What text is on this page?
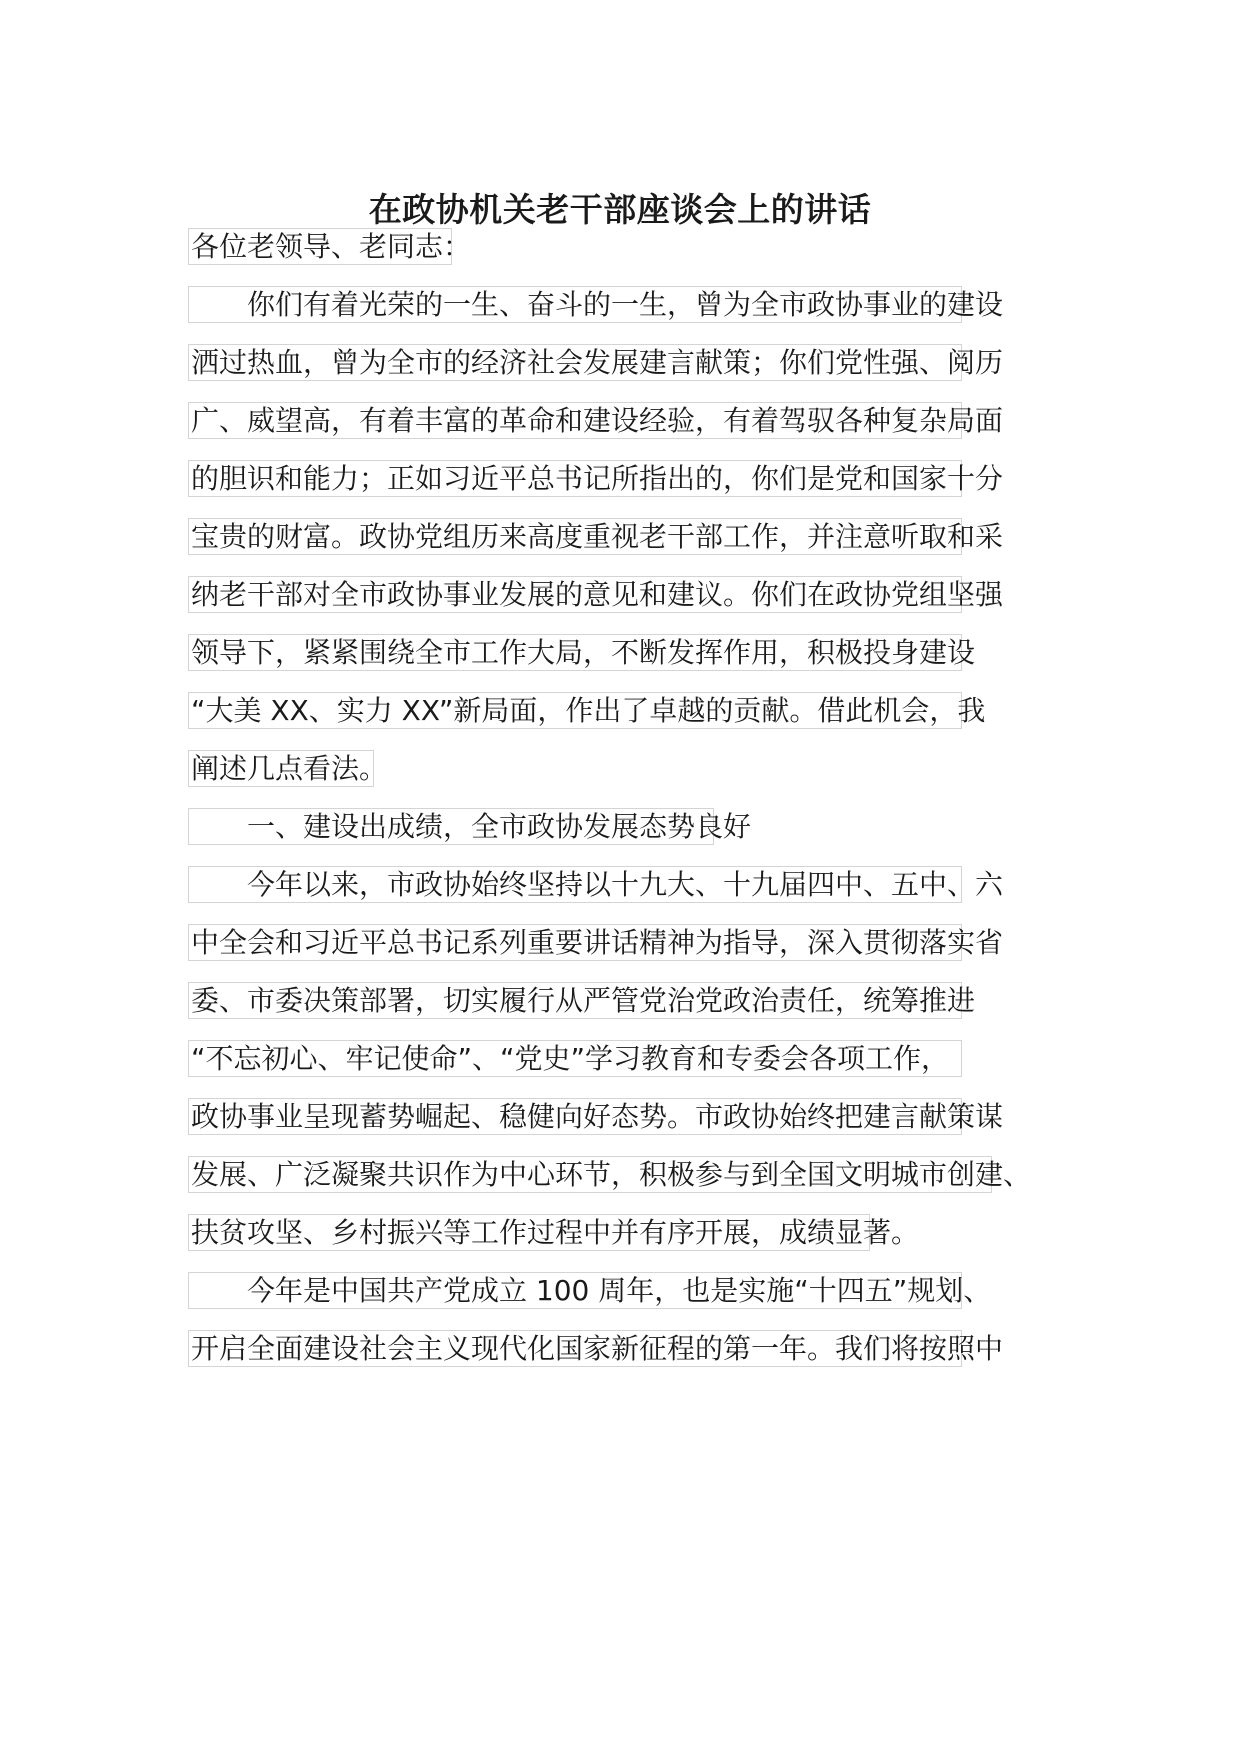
在政协机关老干部座谈会上的讲话
各位老领导、老同志：
你们有着光荣的一生、奋斗的一生，曾为全市政协事业的建设
洒过热血，曾为全市的经济社会发展建言献策；你们党性强、阅历
广、威望高，有着丰富的革命和建设经验，有着驾驭各种复杂局面
的胆识和能力；正如习近平总书记所指出的，你们是党和国家十分
宝贵的财富。政协党组历来高度重视老干部工作，并注意听取和采
纳老干部对全市政协事业发展的意见和建议。你们在政协党组坚强
领导下，紧紧围绕全市工作大局，不断发挥作用，积极投身建设
“大美 XX、实力 XX”新局面，作出了卓越的贡献。借此机会，我
阐述几点看法。
一、建设出成绩，全市政协发展态势良好
今年以来，市政协始终坚持以十九大、十九届四中、五中、六
中全会和习近平总书记系列重要讲话精神为指导，深入贯彻落实省
委、市委决策部署，切实履行从严管党治党政治责任，统筹推进
“不忘初心、牢记使命”、“党史”学习教育和专委会各项工作，
政协事业呈现蓄势崛起、稳健向好态势。市政协始终把建言献策谋
发展、广泛凝聚共识作为中心环节，积极参与到全国文明城市创建、
扶贫攻坚、乡村振兴等工作过程中并有序开展，成绩显著。
今年是中国共产党成立 100 周年，也是实施“十四五”规划、
开启全面建设社会主义现代化国家新征程的第一年。我们将按照中
